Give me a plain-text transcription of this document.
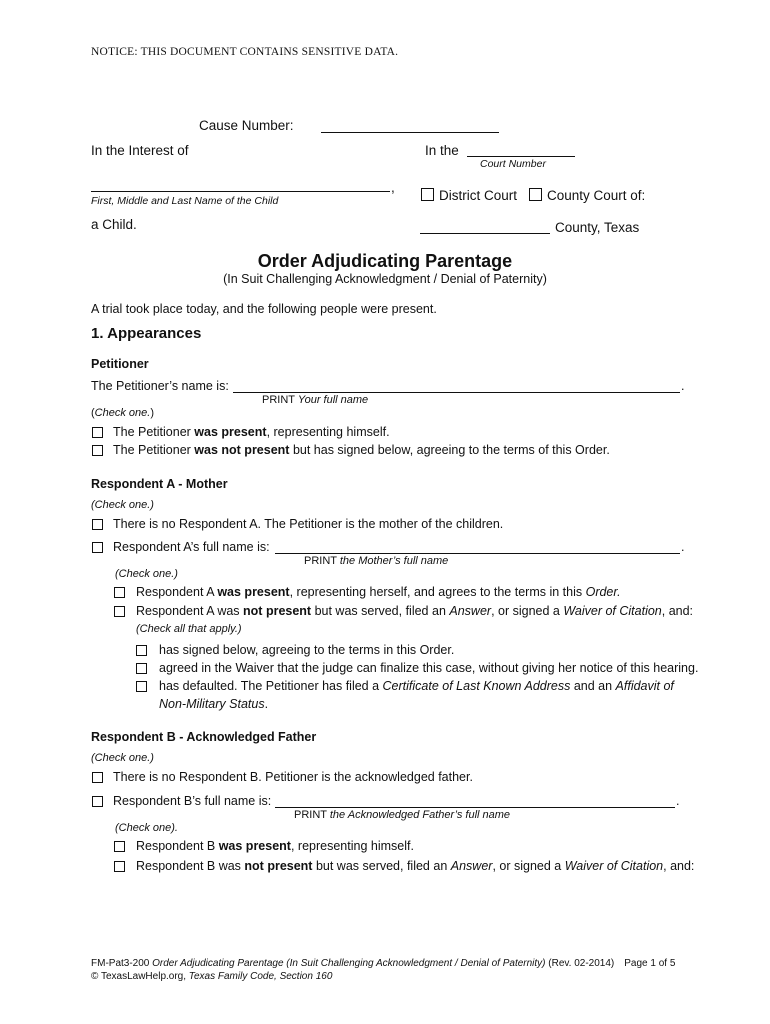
NOTICE: THIS DOCUMENT CONTAINS SENSITIVE DATA.
Cause Number:
In the Interest of	In the
Court Number
,
First, Middle and Last Name of the Child	District Court County Court of:
a Child.	County, Texas
Order Adjudicating Parentage
(In Suit Challenging Acknowledgment / Denial of Paternity)
A trial took place today, and the following people were present.
1. Appearances
Petitioner
The Petitioner’s name is:	.
PRINT Your full name
(Check one.)
The Petitioner was present, representing himself.
The Petitioner was not present but has signed below, agreeing to the terms of this Order.
Respondent A - Mother
(Check one.)
There is no Respondent A. The Petitioner is the mother of the children.
Respondent A’s full name is:	.
PRINT the Mother’s full name
(Check one.)
Respondent A was present, representing herself, and agrees to the terms in this Order.
Respondent A was not present but was served, filed an Answer, or signed a Waiver of Citation, and:
(Check all that apply.)
has signed below, agreeing to the terms in this Order.
agreed in the Waiver that the judge can finalize this case, without giving her notice of this hearing.
has defaulted. The Petitioner has filed a Certificate of Last Known Address and an Affidavit of
Non-Military Status.
Respondent B - Acknowledged Father
(Check one.)
There is no Respondent B. Petitioner is the acknowledged father.
Respondent B’s full name is:	.
PRINT the Acknowledged Father’s full name
(Check one).
Respondent B was present, representing himself.
Respondent B was not present but was served, filed an Answer, or signed a Waiver of Citation, and:
FM-Pat3-200 Order Adjudicating Parentage (In Suit Challenging Acknowledgment / Denial of Paternity) (Rev. 02-2014) Page 1 of 5
© TexasLawHelp.org, Texas Family Code, Section 160
